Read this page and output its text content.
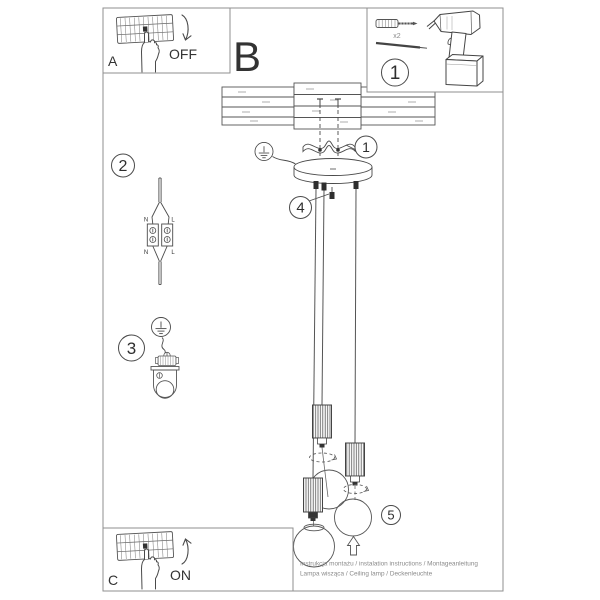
1
4
5
A	OFF B	x2
1
2
N	L
N	L
3
C	ON
Instrukcja montażu / instalation instructions / Montageanleitung
Lampa wisząca / Ceiling lamp / Deckenleuchte
